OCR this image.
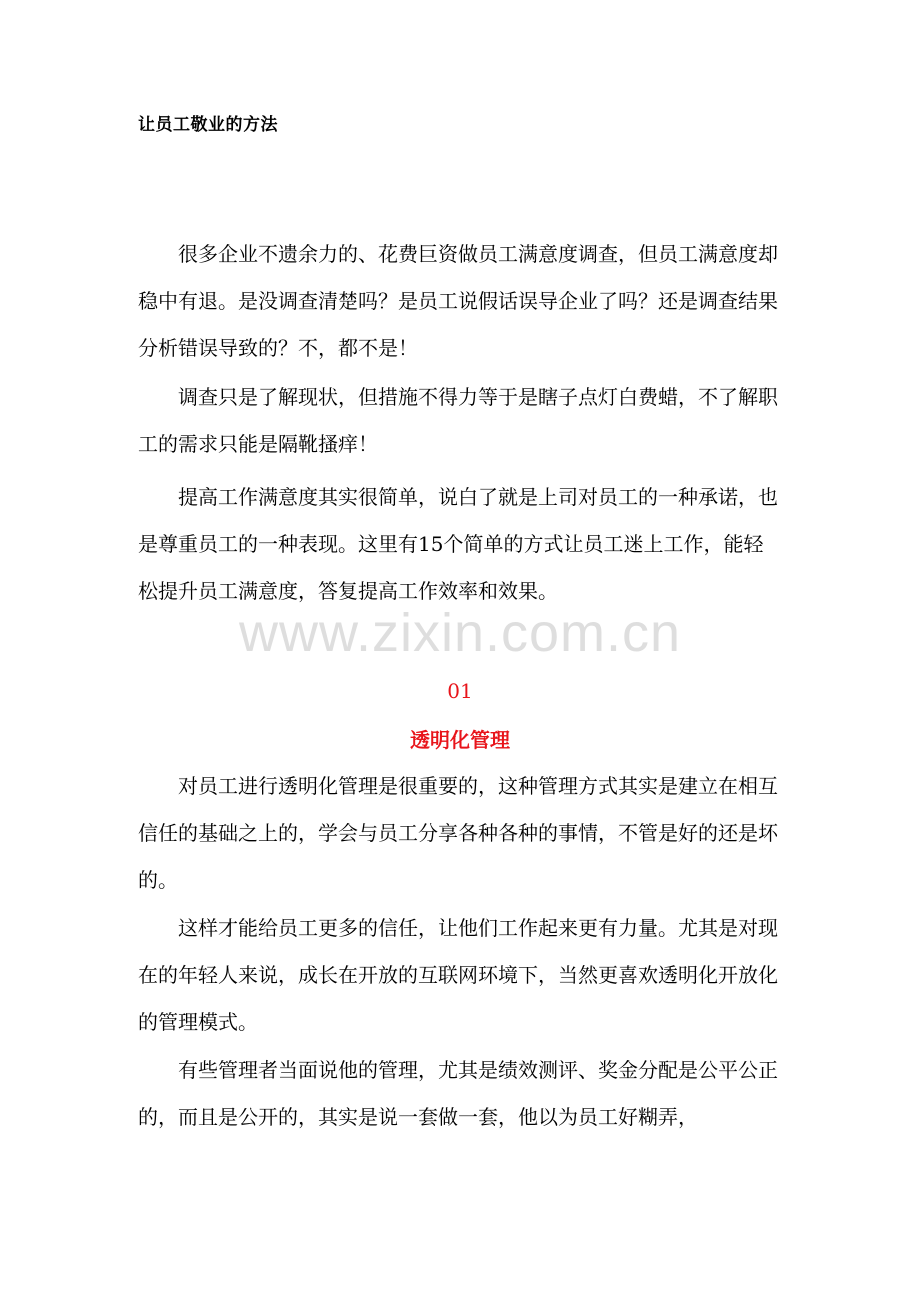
让员工敬业的方法

很多企业不遗余力的、花费巨资做员工满意度调查，但员工满意度却稳中有退。是没调查清楚吗？是员工说假话误导企业了吗？还是调查结果分析错误导致的？不，都不是！

调查只是了解现状，但措施不得力等于是瞎子点灯白费蜡，不了解职工的需求只能是隔靴搔痒！

提高工作满意度其实很简单，说白了就是上司对员工的一种承诺，也是尊重员工的一种表现。这里有15个简单的方式让员工迷上工作，能轻松提升员工满意度，答复提高工作效率和效果。

www.zixin.com.cn
01
透明化管理

对员工进行透明化管理是很重要的，这种管理方式其实是建立在相互信任的基础之上的，学会与员工分享各种各种的事情，不管是好的还是坏的。

这样才能给员工更多的信任，让他们工作起来更有力量。尤其是对现在的年轻人来说，成长在开放的互联网环境下，当然更喜欢透明化开放化的管理模式。

有些管理者当面说他的管理，尤其是绩效测评、奖金分配是公平公正的，而且是公开的，其实是说一套做一套，他以为员工好糊弄，
